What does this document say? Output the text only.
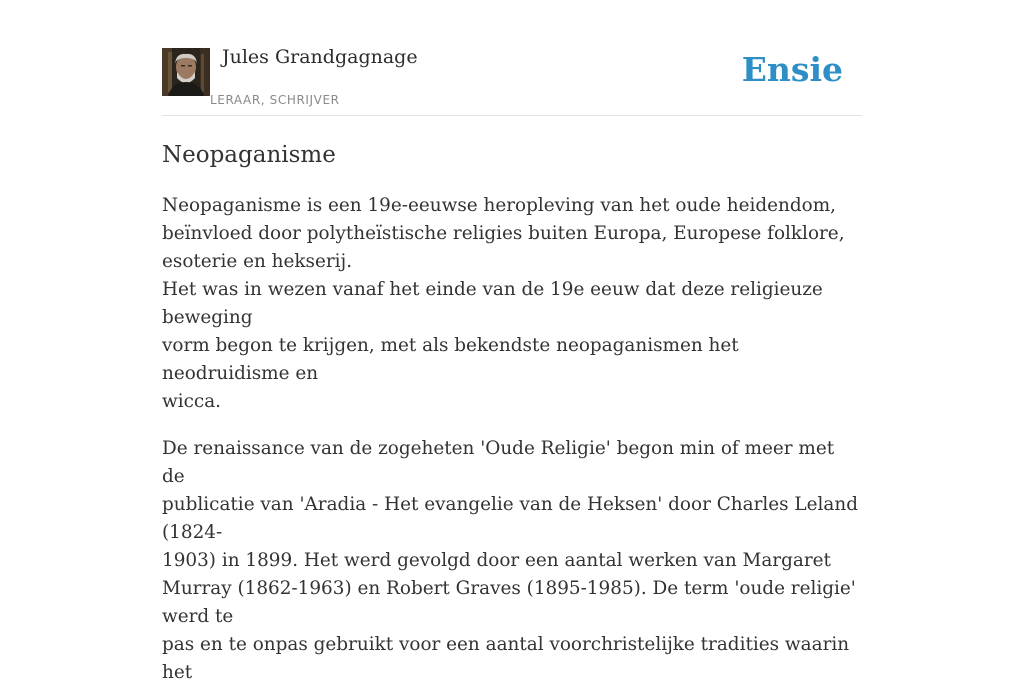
Jules Grandgagnage
LERAAR, SCHRIJVER
Ensie
Neopaganisme

Neopaganisme is een 19e-eeuwse heropleving van het oude heidendom,
beïnvloed door polytheïstische religies buiten Europa, Europese folklore,
esoterie en hekserij.
Het was in wezen vanaf het einde van de 19e eeuw dat deze religieuze beweging
vorm begon te krijgen, met als bekendste neopaganismen het neodruidisme en
wicca.

De renaissance van de zogeheten 'Oude Religie' begon min of meer met de
publicatie van 'Aradia - Het evangelie van de Heksen' door Charles Leland (1824-
1903) in 1899. Het werd gevolgd door een aantal werken van Margaret
Murray (1862-1963) en Robert Graves (1895-1985). De term 'oude religie' werd te
pas en te onpas gebruikt voor een aantal voorchristelijke tradities waarin het
